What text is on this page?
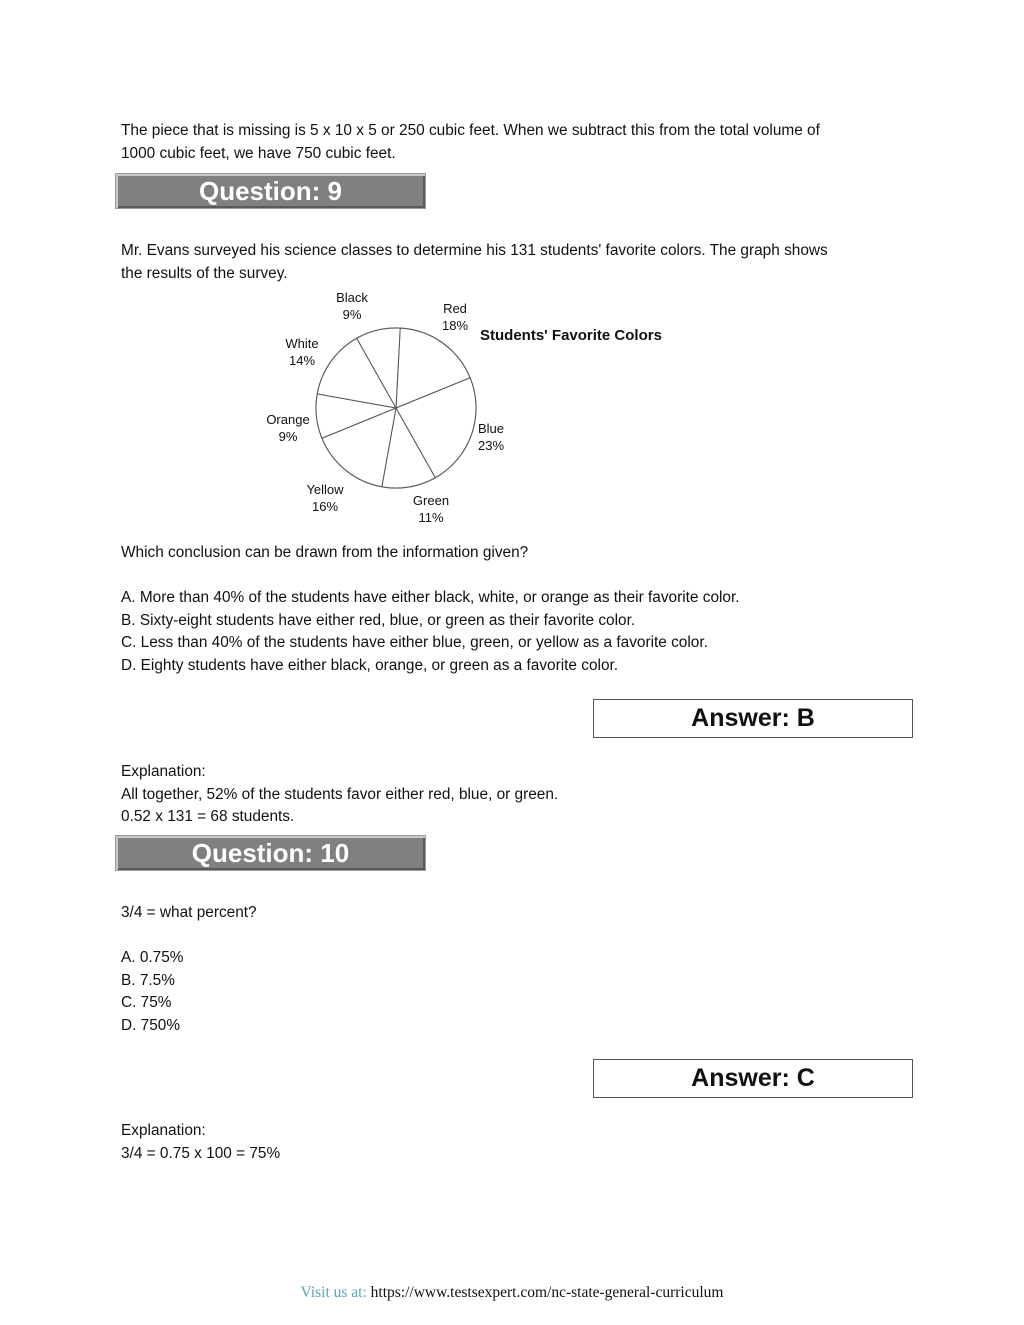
The piece that is missing is 5 x 10 x 5 or 250 cubic feet. When we subtract this from the total volume of
1000 cubic feet, we have 750 cubic feet.
Question: 9
Mr. Evans surveyed his science classes to determine his 131 students' favorite colors. The graph shows
the results of the survey.
Students' Favorite Colors
Red
18%
Blue
23%
Green
11%
Yellow
16%
Orange
9%
White
14%
Black
9%
Which conclusion can be drawn from the information given?
A. More than 40% of the students have either black, white, or orange as their favorite color.
B. Sixty-eight students have either red, blue, or green as their favorite color.
C. Less than 40% of the students have either blue, green, or yellow as a favorite color.
D. Eighty students have either black, orange, or green as a favorite color.
Answer: B
Explanation:
All together, 52% of the students favor either red, blue, or green.
0.52 x 131 = 68 students.
Question: 10
3/4 = what percent?
A. 0.75%
B. 7.5%
C. 75%
D. 750%
Answer: C
Explanation:
3/4 = 0.75 x 100 = 75%
Visit us at: https://www.testsexpert.com/nc-state-general-curriculum
